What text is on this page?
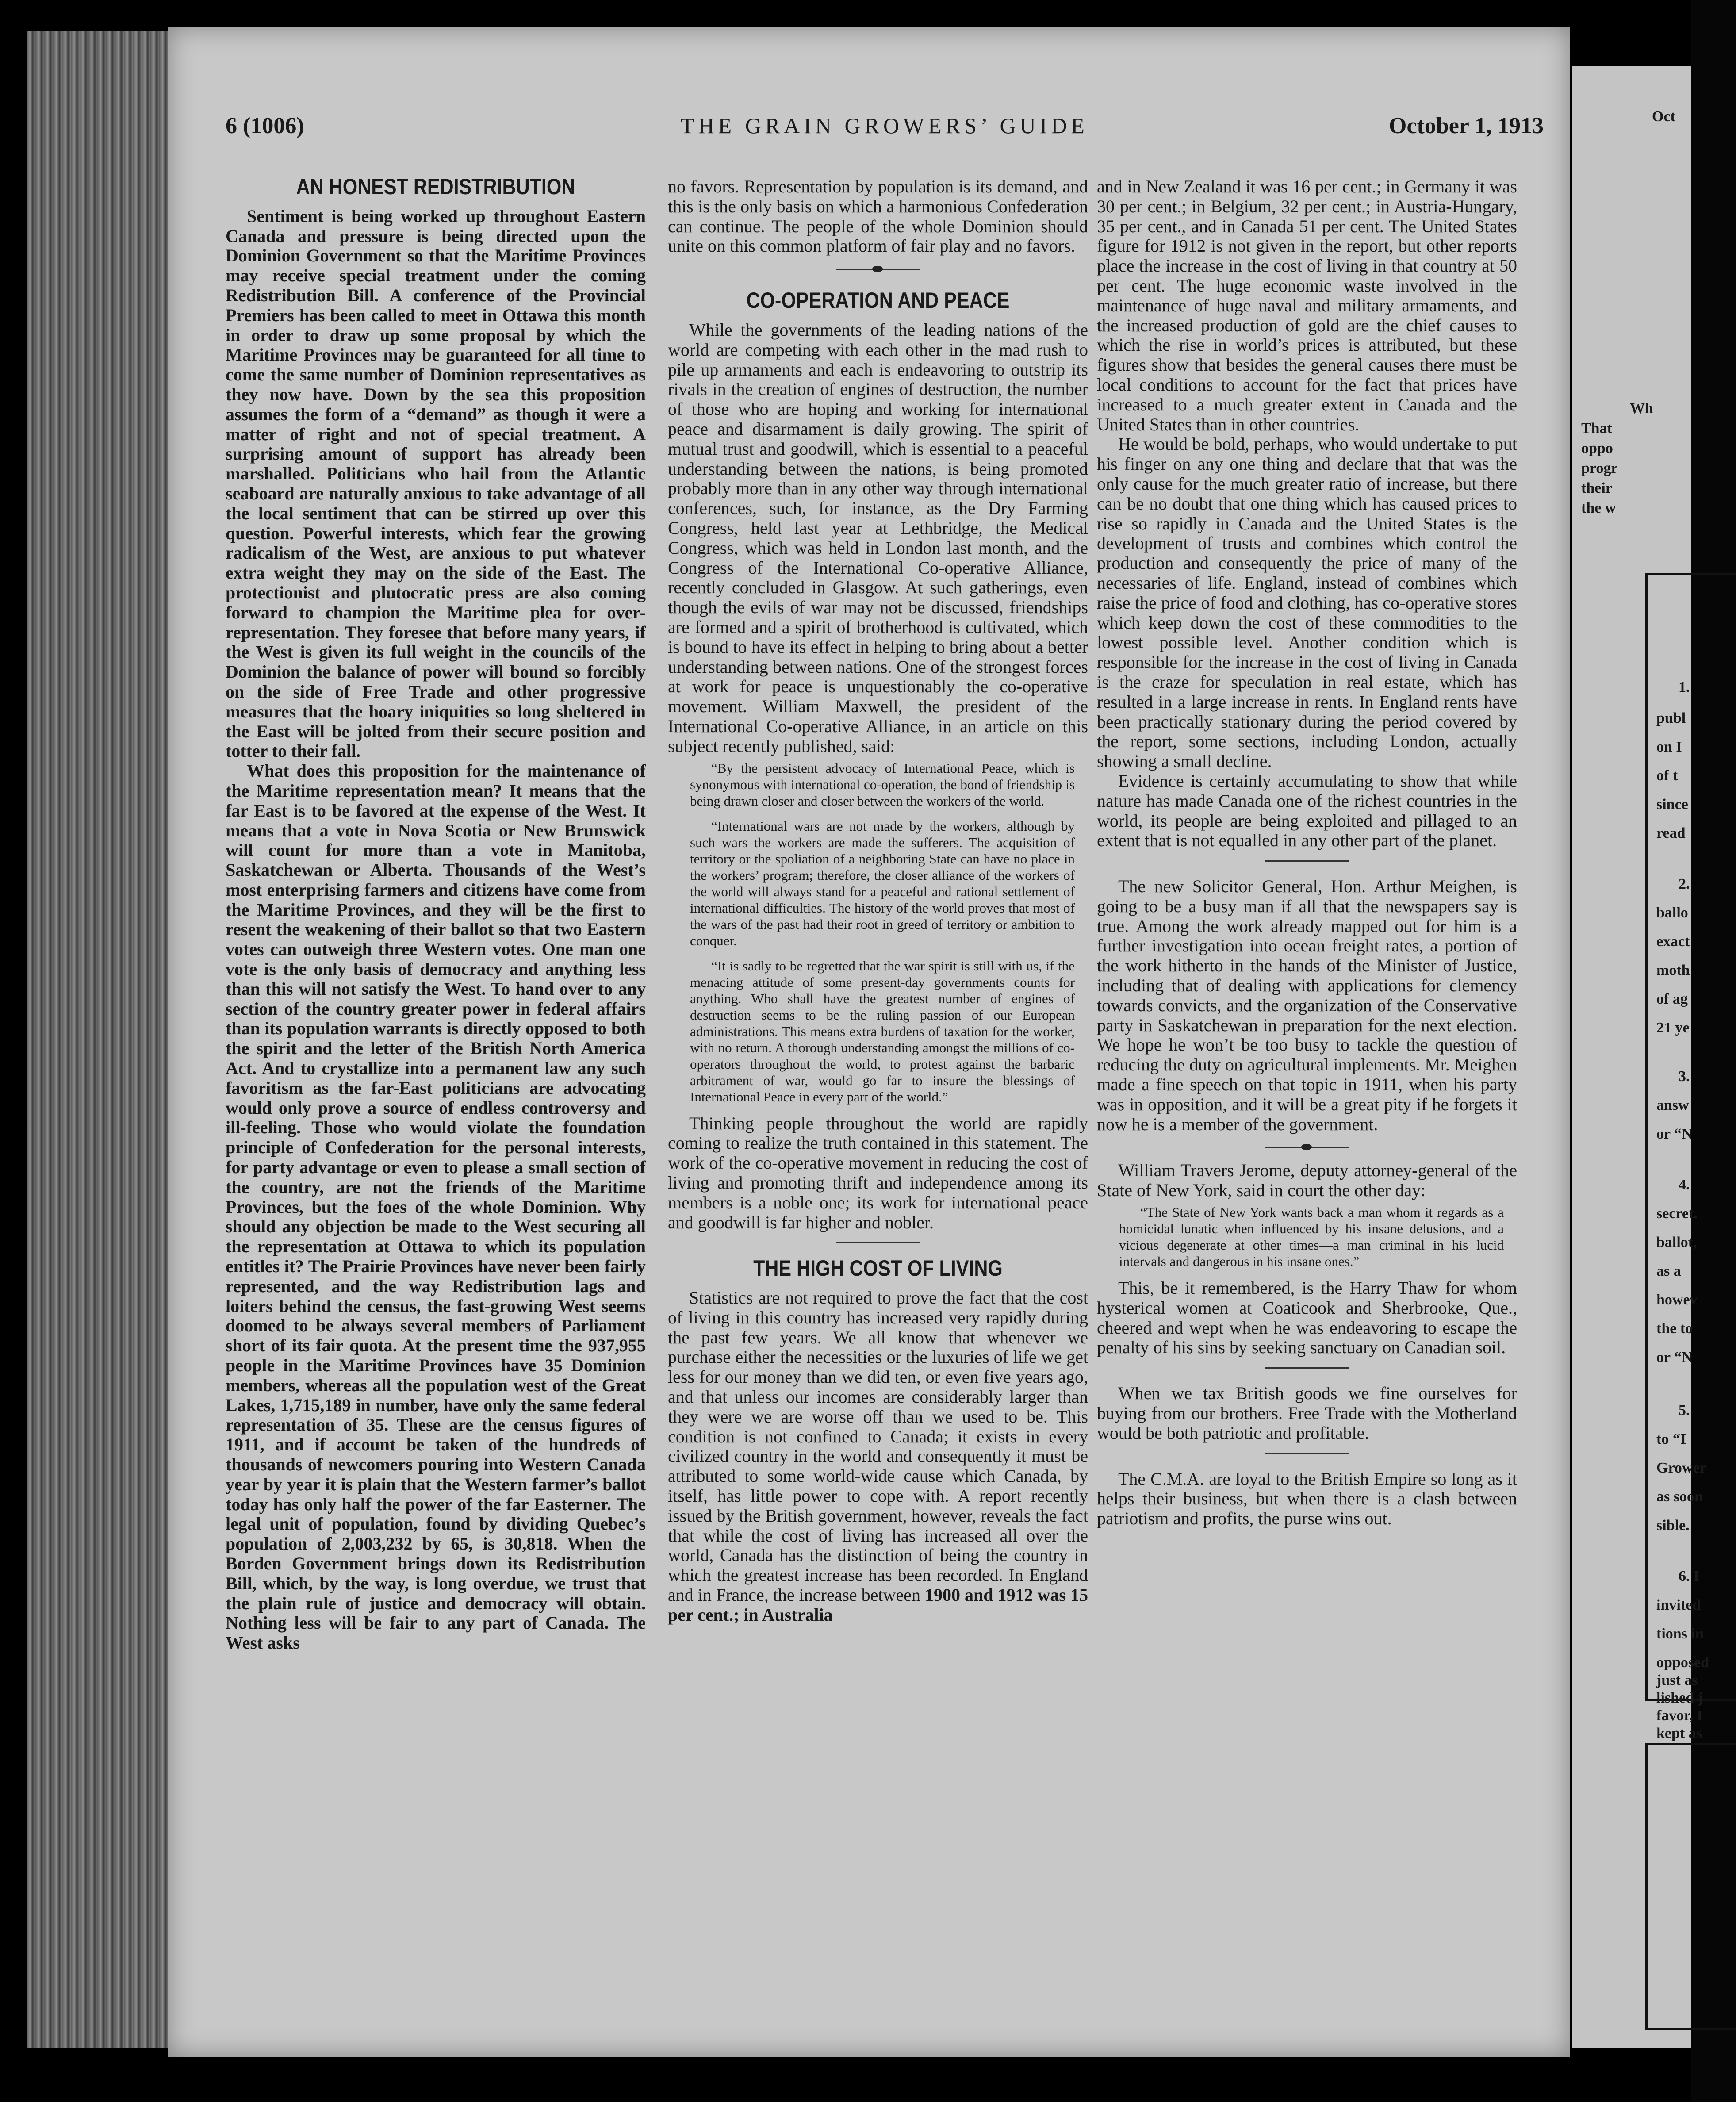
6 (1006)	THE GRAIN GROWERS’ GUIDE	October 1, 1913
AN HONEST REDISTRIBUTION

Sentiment is being worked up throughout Eastern Canada and pressure is being directed upon the Dominion Government so that the Maritime Provinces may receive special treatment under the coming Redistribution Bill. A conference of the Provincial Premiers has been called to meet in Ottawa this month in order to draw up some proposal by which the Maritime Provinces may be guaranteed for all time to come the same number of Dominion representatives as they now have. Down by the sea this proposition assumes the form of a “demand” as though it were a matter of right and not of special treatment. A surprising amount of support has already been marshalled. Politicians who hail from the Atlantic seaboard are naturally anxious to take advantage of all the local sentiment that can be stirred up over this question. Powerful interests, which fear the growing radicalism of the West, are anxious to put whatever extra weight they may on the side of the East. The protectionist and plutocratic press are also coming forward to champion the Maritime plea for over-representation. They foresee that before many years, if the West is given its full weight in the councils of the Dominion the balance of power will bound so forcibly on the side of Free Trade and other progressive measures that the hoary iniquities so long sheltered in the East will be jolted from their secure position and totter to their fall.

What does this proposition for the maintenance of the Maritime representation mean? It means that the far East is to be favored at the expense of the West. It means that a vote in Nova Scotia or New Brunswick will count for more than a vote in Manitoba, Saskatchewan or Alberta. Thousands of the West’s most enterprising farmers and citizens have come from the Maritime Provinces, and they will be the first to resent the weakening of their ballot so that two Eastern votes can outweigh three Western votes. One man one vote is the only basis of democracy and anything less than this will not satisfy the West. To hand over to any section of the country greater power in federal affairs than its population warrants is directly opposed to both the spirit and the letter of the British North America Act. And to crystallize into a permanent law any such favoritism as the far-East politicians are advocating would only prove a source of endless controversy and ill-feeling. Those who would violate the foundation principle of Confederation for the personal interests, for party advantage or even to please a small section of the country, are not the friends of the Maritime Provinces, but the foes of the whole Dominion. Why should any objection be made to the West securing all the representation at Ottawa to which its population entitles it? The Prairie Provinces have never been fairly represented, and the way Redistribution lags and loiters behind the census, the fast-growing West seems doomed to be always several members of Parliament short of its fair quota. At the present time the 937,955 people in the Maritime Provinces have 35 Dominion members, whereas all the population west of the Great Lakes, 1,715,189 in number, have only the same federal representation of 35. These are the census figures of 1911, and if account be taken of the hundreds of thousands of newcomers pouring into Western Canada year by year it is plain that the Western farmer’s ballot today has only half the power of the far Easterner. The legal unit of population, found by dividing Quebec’s population of 2,003,232 by 65, is 30,818. When the Borden Government brings down its Redistribution Bill, which, by the way, is long overdue, we trust that the plain rule of justice and democracy will obtain. Nothing less will be fair to any part of Canada. The West asks

no favors. Representation by population is its demand, and this is the only basis on which a harmonious Confederation can continue. The people of the whole Dominion should unite on this common platform of fair play and no favors.

CO-OPERATION AND PEACE

While the governments of the leading nations of the world are competing with each other in the mad rush to pile up armaments and each is endeavoring to outstrip its rivals in the creation of engines of destruction, the number of those who are hoping and working for international peace and disarmament is daily growing. The spirit of mutual trust and goodwill, which is essential to a peaceful understanding between the nations, is being promoted probably more than in any other way through international conferences, such, for instance, as the Dry Farming Congress, held last year at Lethbridge, the Medical Congress, which was held in London last month, and the Congress of the International Co-operative Alliance, recently concluded in Glasgow. At such gatherings, even though the evils of war may not be discussed, friendships are formed and a spirit of brotherhood is cultivated, which is bound to have its effect in helping to bring about a better understanding between nations. One of the strongest forces at work for peace is unquestionably the co-operative movement. William Maxwell, the president of the International Co-operative Alliance, in an article on this subject recently published, said:

“By the persistent advocacy of International Peace, which is synonymous with international co-operation, the bond of friendship is being drawn closer and closer between the workers of the world.

“International wars are not made by the workers, although by such wars the workers are made the sufferers. The acquisition of territory or the spoliation of a neighboring State can have no place in the workers’ program; therefore, the closer alliance of the workers of the world will always stand for a peaceful and rational settlement of international difficulties. The history of the world proves that most of the wars of the past had their root in greed of territory or ambition to conquer.

“It is sadly to be regretted that the war spirit is still with us, if the menacing attitude of some present-day governments counts for anything. Who shall have the greatest number of engines of destruction seems to be the ruling passion of our European administrations. This means extra burdens of taxation for the worker, with no return. A thorough understanding amongst the millions of co-operators throughout the world, to protest against the barbaric arbitrament of war, would go far to insure the blessings of International Peace in every part of the world.”

Thinking people throughout the world are rapidly coming to realize the truth contained in this statement. The work of the co-operative movement in reducing the cost of living and promoting thrift and independence among its members is a noble one; its work for international peace and goodwill is far higher and nobler.

THE HIGH COST OF LIVING

Statistics are not required to prove the fact that the cost of living in this country has increased very rapidly during the past few years. We all know that whenever we purchase either the necessities or the luxuries of life we get less for our money than we did ten, or even five years ago, and that unless our incomes are considerably larger than they were we are worse off than we used to be. This condition is not confined to Canada; it exists in every civilized country in the world and consequently it must be attributed to some world-wide cause which Canada, by itself, has little power to cope with. A report recently issued by the British government, however, reveals the fact that while the cost of living has increased all over the world, Canada has the distinction of being the country in which the greatest increase has been recorded. In England and in France, the increase between 1900 and 1912 was 15 per cent.; in Australia

and in New Zealand it was 16 per cent.; in Germany it was 30 per cent.; in Belgium, 32 per cent.; in Austria-Hungary, 35 per cent., and in Canada 51 per cent. The United States figure for 1912 is not given in the report, but other reports place the increase in the cost of living in that country at 50 per cent. The huge economic waste involved in the maintenance of huge naval and military armaments, and the increased production of gold are the chief causes to which the rise in world’s prices is attributed, but these figures show that besides the general causes there must be local conditions to account for the fact that prices have increased to a much greater extent in Canada and the United States than in other countries.

He would be bold, perhaps, who would undertake to put his finger on any one thing and declare that that was the only cause for the much greater ratio of increase, but there can be no doubt that one thing which has caused prices to rise so rapidly in Canada and the United States is the development of trusts and combines which control the production and consequently the price of many of the necessaries of life. England, instead of combines which raise the price of food and clothing, has co-operative stores which keep down the cost of these commodities to the lowest possible level. Another condition which is responsible for the increase in the cost of living in Canada is the craze for speculation in real estate, which has resulted in a large increase in rents. In England rents have been practically stationary during the period covered by the report, some sections, including London, actually showing a small decline.

Evidence is certainly accumulating to show that while nature has made Canada one of the richest countries in the world, its people are being exploited and pillaged to an extent that is not equalled in any other part of the planet.

The new Solicitor General, Hon. Arthur Meighen, is going to be a busy man if all that the newspapers say is true. Among the work already mapped out for him is a further investigation into ocean freight rates, a portion of the work hitherto in the hands of the Minister of Justice, including that of dealing with applications for clemency towards convicts, and the organization of the Conservative party in Saskatchewan in preparation for the next election. We hope he won’t be too busy to tackle the question of reducing the duty on agricultural implements. Mr. Meighen made a fine speech on that topic in 1911, when his party was in opposition, and it will be a great pity if he forgets it now he is a member of the government.

William Travers Jerome, deputy attorney-general of the State of New York, said in court the other day:

“The State of New York wants back a man whom it regards as a homicidal lunatic when influenced by his insane delusions, and a vicious degenerate at other times—a man criminal in his lucid intervals and dangerous in his insane ones.”

This, be it remembered, is the Harry Thaw for whom hysterical women at Coaticook and Sherbrooke, Que., cheered and wept when he was endeavoring to escape the penalty of his sins by seeking sanctuary on Canadian soil.

When we tax British goods we fine ourselves for buying from our brothers. Free Trade with the Motherland would be both patriotic and profitable.

The C.M.A. are loyal to the British Empire so long as it helps their business, but when there is a clash between patriotism and profits, the purse wins out.

Oct
Wh
That
oppo
progr
their
the w
1.
publ
on I
of t
since
read
2.
ballo
exact
moth
of ag
21 ye
3.
answ
or “N
4.
secret.
ballot,
as a
howev
the to
or “N
5.
to “I
Grower
as soon
sible.
6. I
invited
tions in
opposed
just as
lished j
favor, I
kept as
